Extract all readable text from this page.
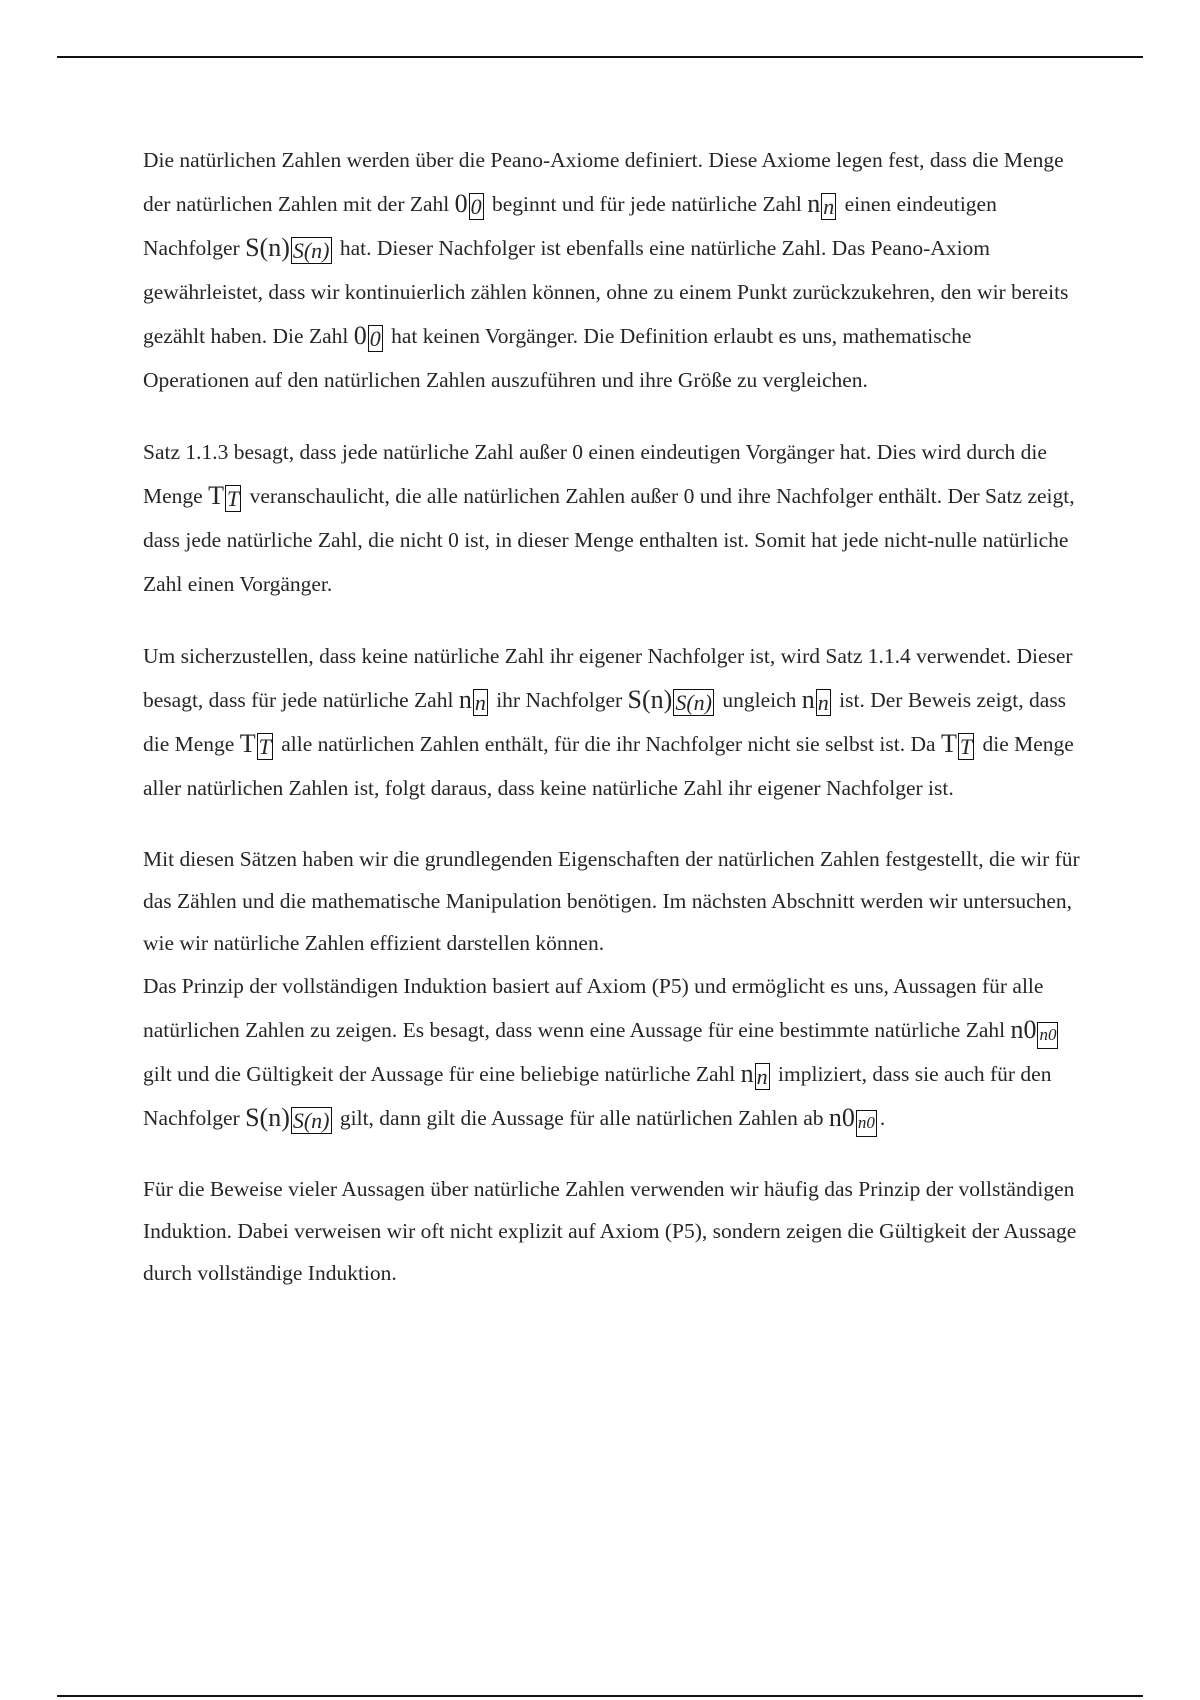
Die natürlichen Zahlen werden über die Peano-Axiome definiert. Diese Axiome legen fest, dass die Menge der natürlichen Zahlen mit der Zahl 0 0 beginnt und für jede natürliche Zahl n n einen eindeutigen Nachfolger S(n) S(n) hat. Dieser Nachfolger ist ebenfalls eine natürliche Zahl. Das Peano-Axiom gewährleistet, dass wir kontinuierlich zählen können, ohne zu einem Punkt zurückzukehren, den wir bereits gezählt haben. Die Zahl 0 0 hat keinen Vorgänger. Die Definition erlaubt es uns, mathematische Operationen auf den natürlichen Zahlen auszuführen und ihre Größe zu vergleichen.

Satz 1.1.3 besagt, dass jede natürliche Zahl außer 0 einen eindeutigen Vorgänger hat. Dies wird durch die Menge T T veranschaulicht, die alle natürlichen Zahlen außer 0 und ihre Nachfolger enthält. Der Satz zeigt, dass jede natürliche Zahl, die nicht 0 ist, in dieser Menge enthalten ist. Somit hat jede nicht-nulle natürliche Zahl einen Vorgänger.

Um sicherzustellen, dass keine natürliche Zahl ihr eigener Nachfolger ist, wird Satz 1.1.4 verwendet. Dieser besagt, dass für jede natürliche Zahl n n ihr Nachfolger S(n) S(n) ungleich n n ist. Der Beweis zeigt, dass die Menge T T alle natürlichen Zahlen enthält, für die ihr Nachfolger nicht sie selbst ist. Da T T die Menge aller natürlichen Zahlen ist, folgt daraus, dass keine natürliche Zahl ihr eigener Nachfolger ist.

Mit diesen Sätzen haben wir die grundlegenden Eigenschaften der natürlichen Zahlen festgestellt, die wir für das Zählen und die mathematische Manipulation benötigen. Im nächsten Abschnitt werden wir untersuchen, wie wir natürliche Zahlen effizient darstellen können.

Das Prinzip der vollständigen Induktion basiert auf Axiom (P5) und ermöglicht es uns, Aussagen für alle natürlichen Zahlen zu zeigen. Es besagt, dass wenn eine Aussage für eine bestimmte natürliche Zahl n0 n0 gilt und die Gültigkeit der Aussage für eine beliebige natürliche Zahl n n impliziert, dass sie auch für den Nachfolger S(n) S(n) gilt, dann gilt die Aussage für alle natürlichen Zahlen ab n0 n0 .

Für die Beweise vieler Aussagen über natürliche Zahlen verwenden wir häufig das Prinzip der vollständigen Induktion. Dabei verweisen wir oft nicht explizit auf Axiom (P5), sondern zeigen die Gültigkeit der Aussage durch vollständige Induktion.
